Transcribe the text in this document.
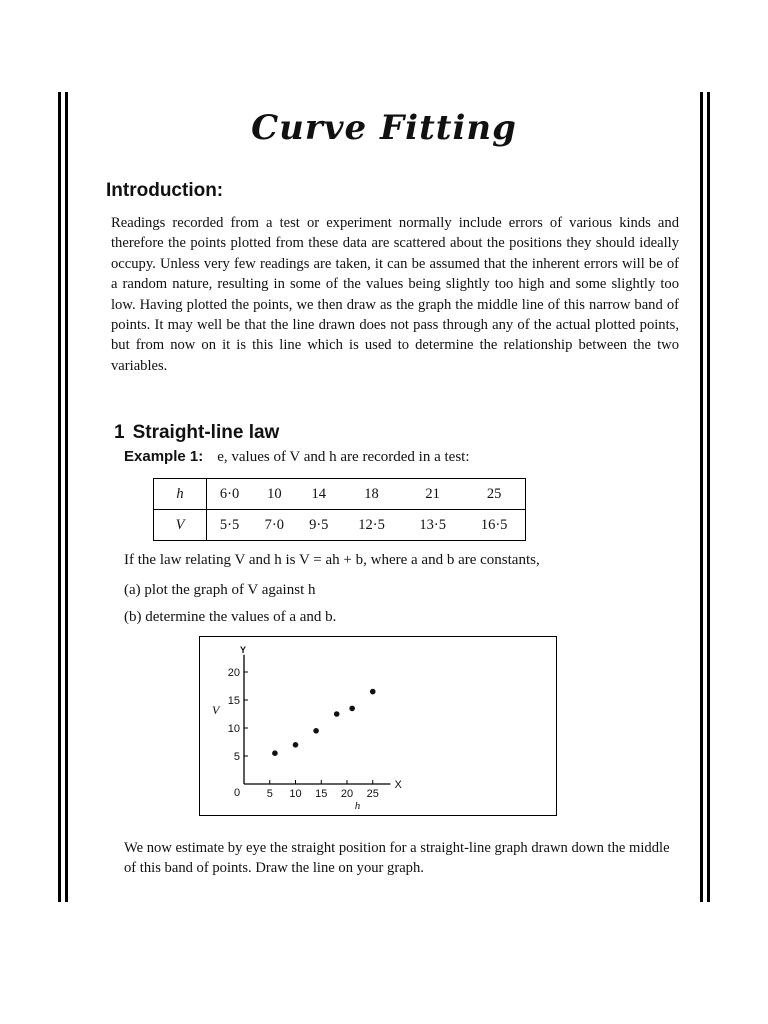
Curve Fitting
Introduction:
Readings recorded from a test or experiment normally include errors of various kinds and therefore the points plotted from these data are scattered about the positions they should ideally occupy. Unless very few readings are taken, it can be assumed that the inherent errors will be of a random nature, resulting in some of the values being slightly too high and some slightly too low. Having plotted the points, we then draw as the graph the middle line of this narrow band of points. It may well be that the line drawn does not pass through any of the actual plotted points, but from now on it is this line which is used to determine the relationship between the two variables.
1 Straight-line law
Example 1: e, values of V and h are recorded in a test:
h	6·0	10	14	18	21	25
V	5·5	7·0	9·5	12·5	13·5	16·5
If the law relating V and h is V = ah + b, where a and b are constants,
(a) plot the graph of V against h
(b) determine the values of a and b.
X
Y
0 5 10 15 20 25
5
10
15
20
h
V
We now estimate by eye the straight position for a straight-line graph drawn down the middle of this band of points. Draw the line on your graph.
